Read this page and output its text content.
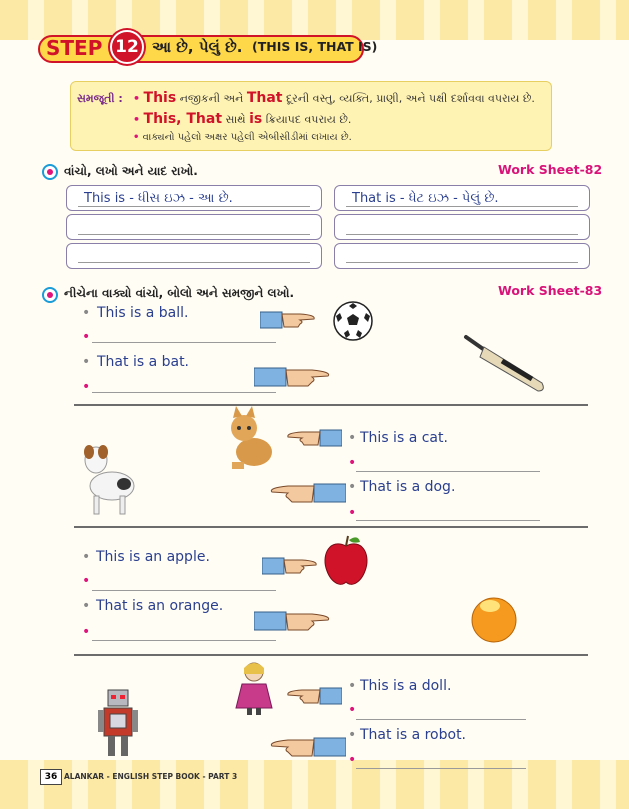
STEP 12 આ છે, પેલું છે. (THIS IS, THAT IS)
સમજૂતી : • This નજીકની અને That દૂરની વસ્તુ, વ્યક્તિ, પ્રાણી, અને પક્ષી દર્શાવવા વપરાય છે.
• This, That સાથે is ક્રિયાપદ વપરાય છે.
• વાક્યનો પહેલો અક્ષર પહેલી એબીસીડીમાં લખાય છે.
વાંચો, લખો અને યાદ રાખો.	Work Sheet-82
This is - ધીસ ઇઝ - આ છે.	That is - ધેટ ઇઝ - પેલું છે.
નીચેના વાક્યો વાંચો, બોલો અને સમજીને લખો.	Work Sheet-83
• This is a ball.
•
• That is a bat.
•
• This is a cat.
•
• That is a dog.
•
• This is an apple.
•
• That is an orange.
•
• This is a doll.
•
• That is a robot.
•
36 ALANKAR - ENGLISH STEP BOOK - PART 3
